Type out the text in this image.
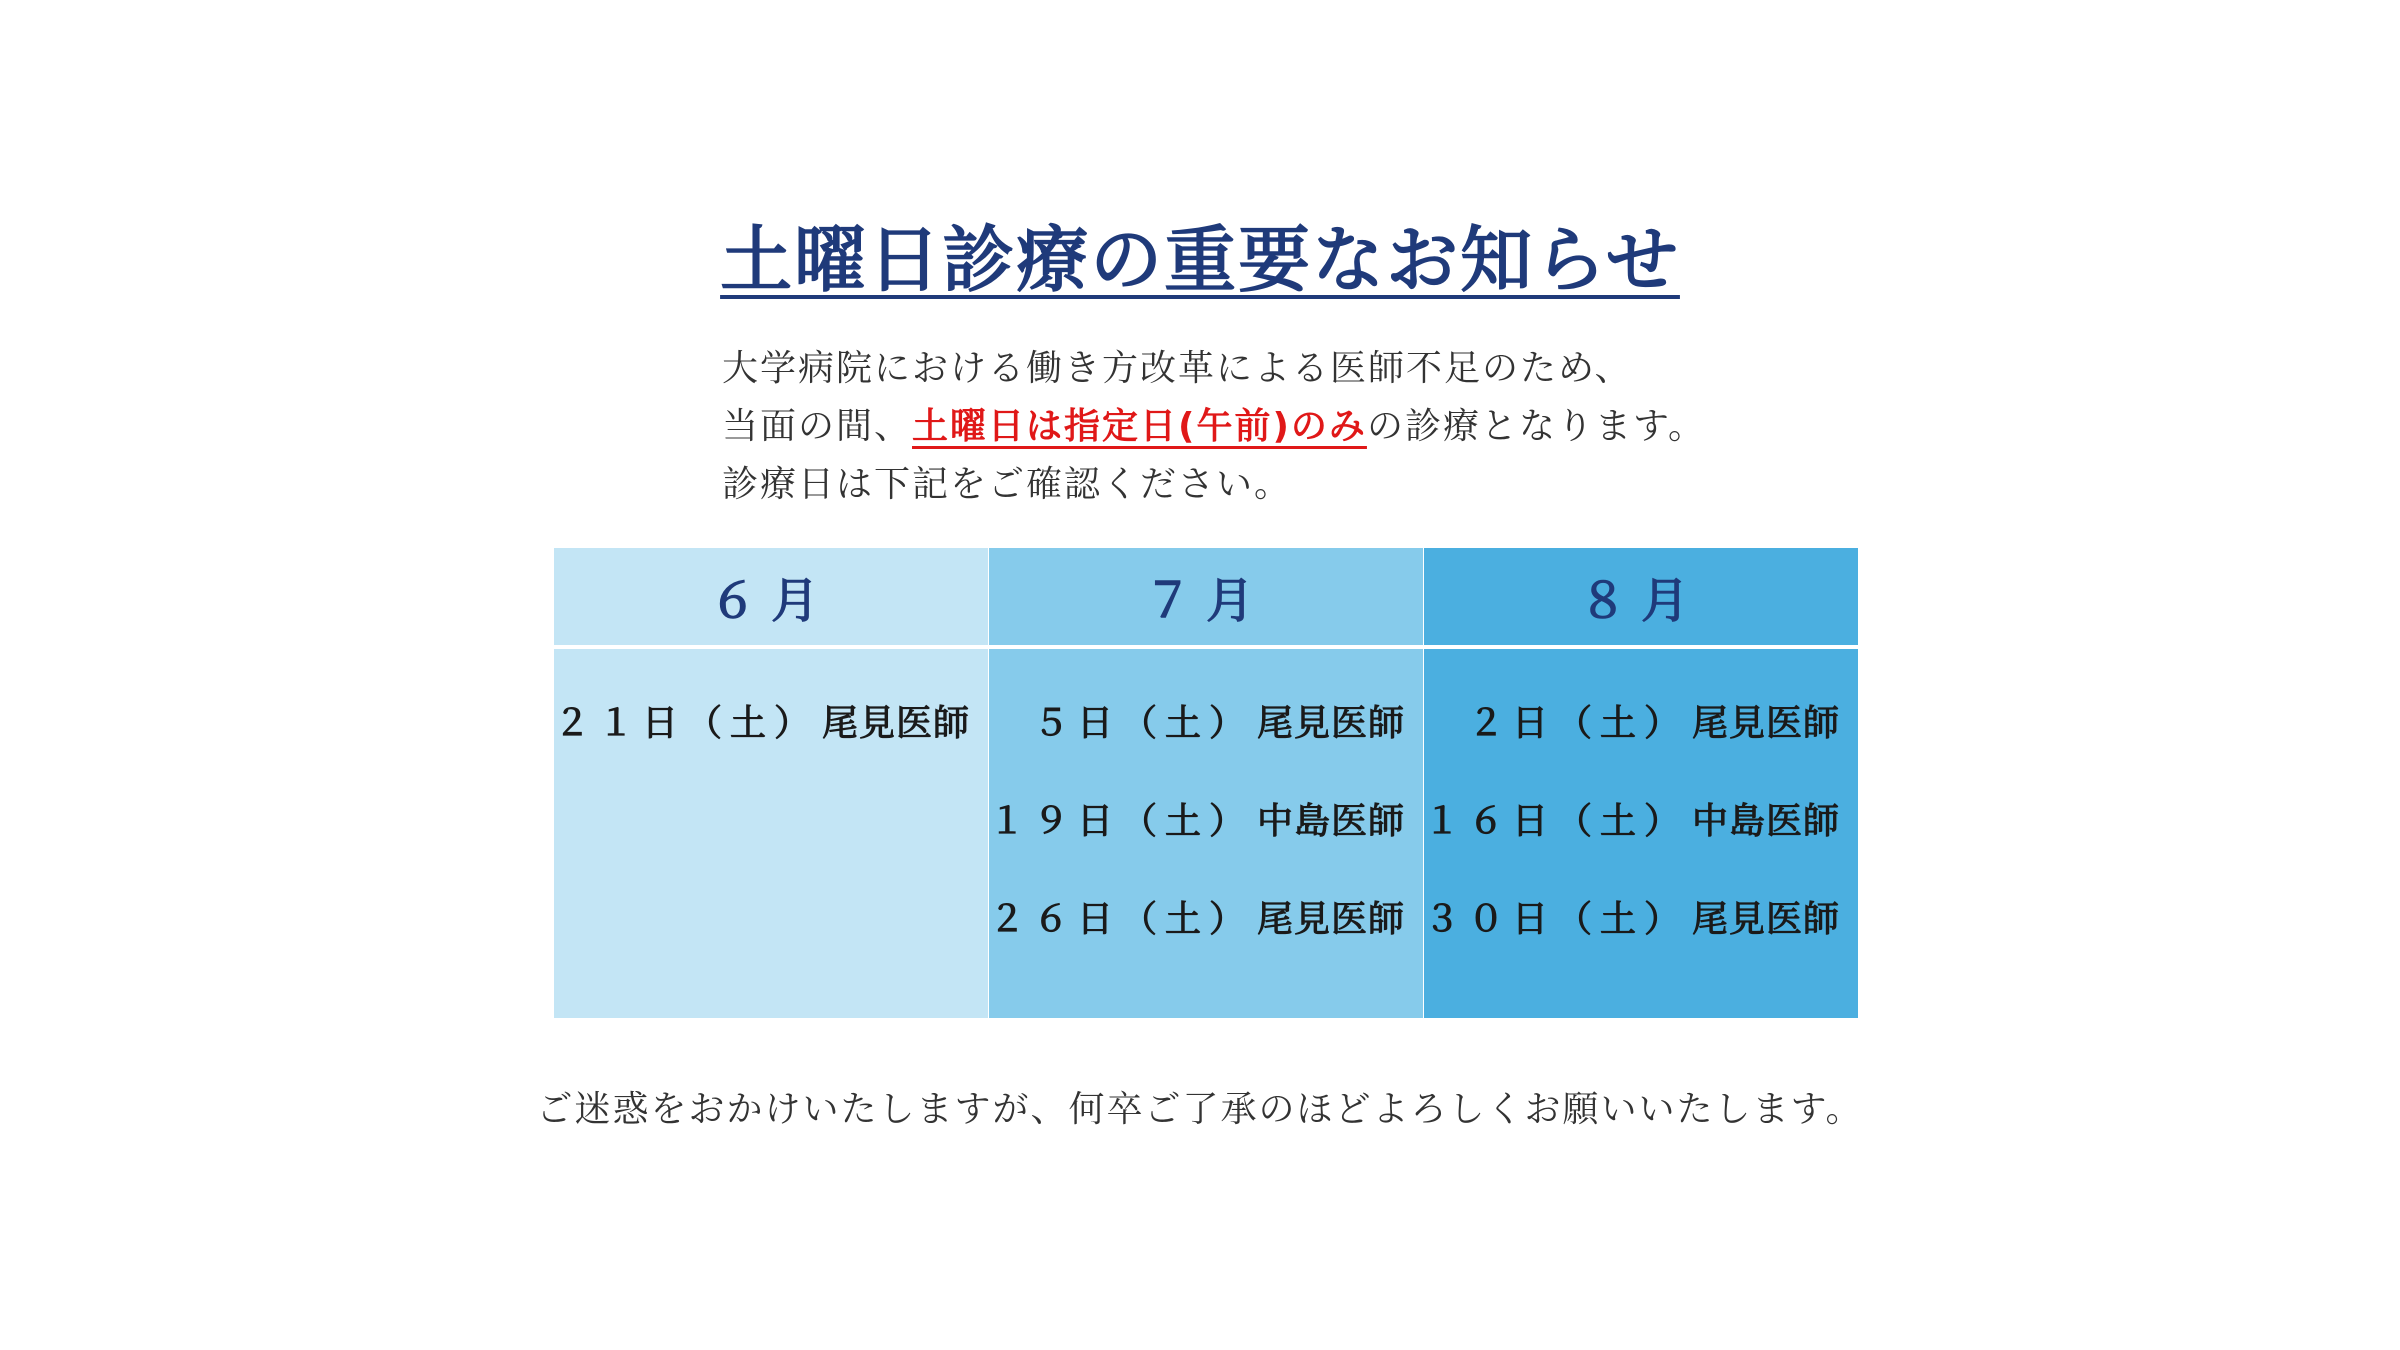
土曜日診療の重要なお知らせ
大学病院における働き方改革による医師不足のため、
当面の間、土曜日は指定日(午前)のみの診療となります。
診療日は下記をご確認ください。
６月
２１日（土） 尾見医師
７月
５日（土） 尾見医師
１９日（土） 中島医師
２６日（土） 尾見医師
８月
２日（土） 尾見医師
１６日（土） 中島医師
３０日（土） 尾見医師
ご迷惑をおかけいたしますが、何卒ご了承のほどよろしくお願いいたします。
